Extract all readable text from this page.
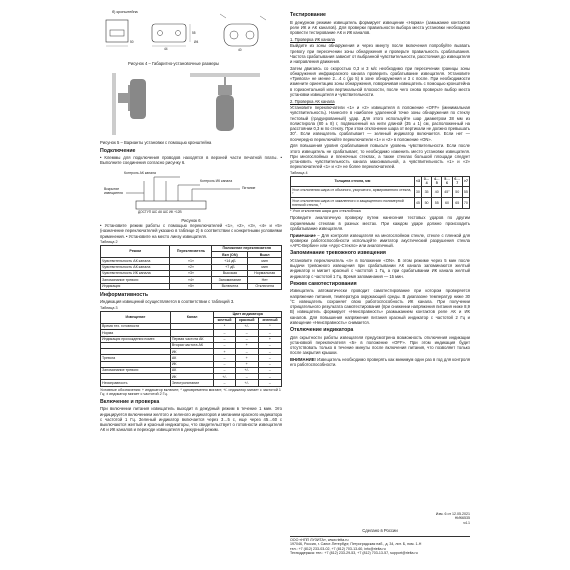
б) кронштейна
50
55
44	40
Ø4
Рисунок 4 – Габаритно-установочные размеры
Рисунок 5 – Варианты установки с помощью кронштейна
Подключение

• Клеммы для подключения проводов находятся в верхней части печатной платы. • Выполните соединения согласно рисунку 6.

Контроль АК канала
Контроль ИК канала
Вскрытие извещателя
Питание
ДОСТУП ШС АК ШС ИК +12В
Рисунок 6

• Установите режим работы с помощью переключателей «1», «2», «3», «4» и «5» (назначение переключателей указано в таблице 2) в соответствии с конкретными условиями применения. • Установите на место линзу извещателя.

Таблица 2
Режим	Переключатель	Положение переключателя	
		Вкл (ON)	Выкл
Чувствительность АК канала	«1»	+14 дБ	мин
Чувствительность АК канала	«2»	+7 дБ	мин
Чувствительность ИК канала	«3»	Высокая	Нормальная
Запоминание тревоги	«4»	Запоминание	Нет
Индикация	«5»	Включена	Отключена
Информативность

Индикация извещений осуществляется в соответствии с таблицей 3.

Таблица 3
Извещение	Канал	Цвет индикатора		
		желтый	красный	зеленый
Время тех. готовности		*	+/-	*
Норма		–	–	–
Индикация прохождения помех	Первая частота АК	–	–	+
	Вторая частота АК	–	+	–
	ИК	+	–	–
Тревога	АК	–	+	–
	ИК	–	+	–
Запоминание тревоги	АК	–	+/-	–
	ИК	+/-	–	–
Неисправность	Электропитание	–	+/-	–
Условные обозначения: + индикатор включен; * одновременно мигают; +/- индикатор мигает с частотой 1 Гц; ± индикатор мигает с частотой 2 Гц.
Включение и проверка

При включении питания извещатель выходит в дежурный режим в течение 1 мин. Это индицируется включением желтого и зеленого индикаторов и миганием красного индикатора с частотой 1 Гц. Зеленый индикатор включается через 3…5 с, еще через 45…60 с выключаются желтый и красный индикаторы, что свидетельствует о готовности извещателя АК и ИК каналов и переходе извещателя в дежурный режим.

Тестирование

В дежурном режиме извещатель формирует извещение «Норма» (замыкание контактов реле ИК и АК каналов). Для проверки правильности выбора места установки необходимо провести тестирование АК и ИК каналов.

1. Проверка ИК канала

Выйдите из зоны обнаружения и через минуту после включения попробуйте вызвать тревогу при пересечении зоны обнаружения и проверьте правильность срабатывания. Частота срабатывания зависит от выбранной чувствительности, расстояния до извещателя и направления движения.

Затем двигаясь со скоростью 0,3 и 3 м/с необходимо при пересечении границы зоны обнаружения инфракрасного канала проверить срабатывание извещателя. Установите «Тревога» не менее 2…4 с (до 5) в зоне обнаружения и 3 с после. При необходимости измените ориентацию зоны обнаружения, поворачивая извещатель с помощью кронштейна в горизонтальной или вертикальной плоскости, после чего снова проверьте выбор места установки извещателя и чувствительности.

2. Проверка АК канала

Установите переключатели «1» и «2» извещателя в положение «OFF» (минимальная чувствительность). Нанесите в наиболее удаленной точке зоны обнаружения по стеклу тестовый (градуированный) удар. Для этого используйте шар диаметром 38 мм из полистирола (80 ± 8) г, подвешенный на нити длиной (35 ± 1) см, расположенный на расстоянии 0,3 м по стеклу. При этом отклонение шара от вертикали не должно превышать 30°. Если извещатель срабатывает — зеленый индикатор включается. Если нет — поочередно переключайте переключатели «1» и «2» в положение «ON».

Для повышения уровня срабатывания повысьте уровень чувствительности. Если после этого извещатель не срабатывает, то необходимо изменить место установки извещателя. При многослойных и пленочных стеклах, а также стеклах большой площади следует установить чувствительность канала максимальной, а чувствительность «1» и «2» переключателей «1» и «2» не более переключателей.

Таблица 4
Толщина стекла, мм	<3	3…4	4…5	5…6	6…7	>7
Угол отклонения шара от обычного, узорчатого, армированного стекла, °	30	35	40	45°	50	55
Угол отклонения шара от закаленного и защищенного полимерной пленкой стекла, °	45	50	55	60	65	70
* Угол отклонения шара для стеклоблока

Проведите аналогичную проверку путем нанесения тестовых ударов по другим охраняемым стеклам в разных местах. При каждом ударе должно происходить срабатывание извещателя.

Примечание – Для контроля извещателя на многослойном стекле, стекле с пленкой для проверки работоспособности используйте имитатор акустический разрушения стекла «АРС-Вербин» или «Арус-Стекло» или аналогичный.

Запоминание тревожного извещения

Установите переключатель «4» в положение «ON». В этом режиме через 5 мин после выдачи тревожного извещения при срабатывании АК канала запоминаются желтый индикатор и мигает красный с частотой 1 Гц, а при срабатывании ИК канала желтый индикатор с частотой 1 Гц. Время запоминания — 15 мин.

Режим самотестирования

Извещатель автоматически проводит самотестирование при котором проверяется напряжение питания, температура окружающей среды. В диапазоне температур ниже 30 °С извещатель сохраняет свою работоспособность ИК канала. При получении отрицательного результата самотестирования (при снижении напряжения питания ниже 8,9 В) извещатель формирует «Неисправность» размыканием контактов реле АК и ИК каналов. Для повышения напряжения питания красный индикатор с частотой 2 Гц и извещение «Неисправность» снимается.

Отключение индикатора

Для скрытности работы извещателя предусмотрена возможность отключения индикации установкой переключателя «5» в положение «OFF». При этом индикация будет отсутствовать только в течение минуты после включения питания, что позволяет только после закрытия крышки.

ВНИМАНИЕ! Извещатель необходимо проверять как минимум один раз в год для контроля его работоспособности.

Изм. 6 от 12.05.2021
НИК6535
v4.1
Сделано в России
ООО «НПП ЛУЗИТА», www.rielta.ru
197046, Россия, г. Санкт-Петербург, Петроградская наб., д. 34, лит. Б, пом. 1-Н
тел.: +7 (812) 233-03-02, +7 (812) 703-13-60, info@rielta.ru
Техподдержка: тел.: +7 (812) 233-29-53, +7 (812) 703-13-57, support@rielta.ru
